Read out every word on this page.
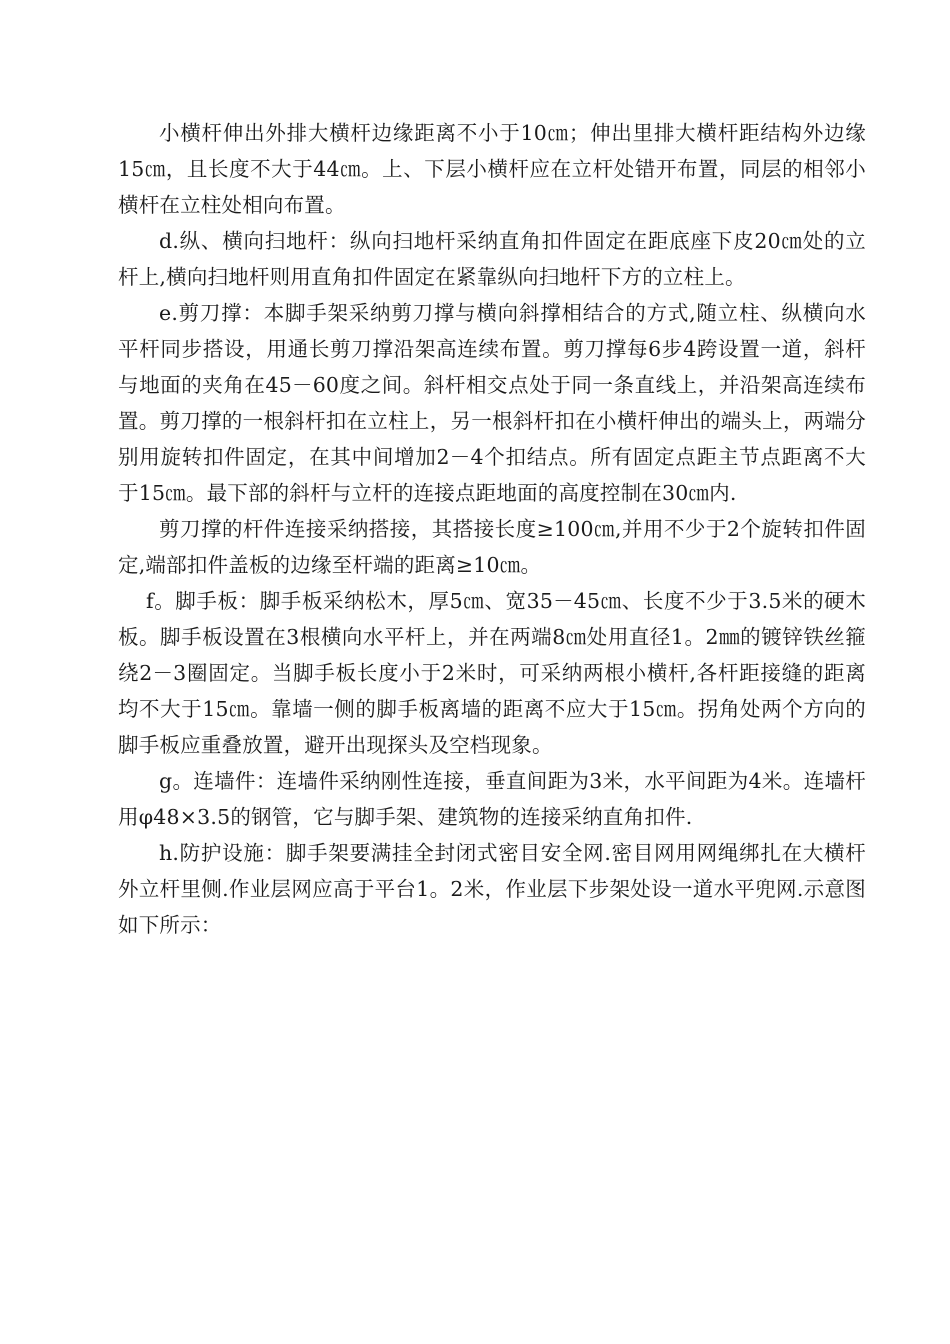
小横杆伸出外排大横杆边缘距离不小于10㎝；伸出里排大横杆距结构外边缘15㎝，且长度不大于44㎝。上、下层小横杆应在立杆处错开布置，同层的相邻小横杆在立柱处相向布置。

d.纵、横向扫地杆：纵向扫地杆采纳直角扣件固定在距底座下皮20㎝处的立杆上,横向扫地杆则用直角扣件固定在紧靠纵向扫地杆下方的立柱上。

e.剪刀撑：本脚手架采纳剪刀撑与横向斜撑相结合的方式,随立柱、纵横向水平杆同步搭设，用通长剪刀撑沿架高连续布置。剪刀撑每6步4跨设置一道，斜杆与地面的夹角在45－60度之间。斜杆相交点处于同一条直线上，并沿架高连续布置。剪刀撑的一根斜杆扣在立柱上，另一根斜杆扣在小横杆伸出的端头上，两端分别用旋转扣件固定，在其中间增加2－4个扣结点。所有固定点距主节点距离不大于15㎝。最下部的斜杆与立杆的连接点距地面的高度控制在30㎝内.

剪刀撑的杆件连接采纳搭接，其搭接长度≥100㎝,并用不少于2个旋转扣件固定,端部扣件盖板的边缘至杆端的距离≥10㎝。

f。脚手板：脚手板采纳松木，厚5㎝、宽35－45㎝、长度不少于3.5米的硬木板。脚手板设置在3根横向水平杆上，并在两端8㎝处用直径1。2㎜的镀锌铁丝箍绕2－3圈固定。当脚手板长度小于2米时，可采纳两根小横杆,各杆距接缝的距离均不大于15㎝。靠墙一侧的脚手板离墙的距离不应大于15㎝。拐角处两个方向的脚手板应重叠放置，避开出现探头及空档现象。

g。连墙件：连墙件采纳刚性连接，垂直间距为3米，水平间距为4米。连墙杆用φ48×3.5的钢管，它与脚手架、建筑物的连接采纳直角扣件.

h.防护设施：脚手架要满挂全封闭式密目安全网.密目网用网绳绑扎在大横杆外立杆里侧.作业层网应高于平台1。2米，作业层下步架处设一道水平兜网.示意图如下所示：
